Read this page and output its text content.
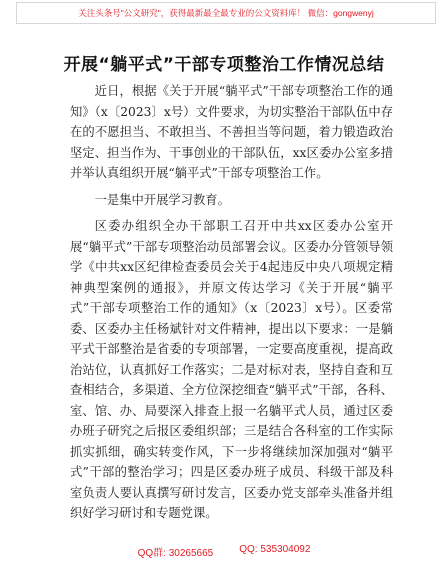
关注头条号"公文研究"，获得最新最全最专业的公文资料库！ 微信：gongwenyj
开展“躺平式”干部专项整治工作情况总结

近日，根据《关于开展“躺平式”干部专项整治工作的通知》（x〔2023〕x号）文件要求，为切实整治干部队伍中存在的不愿担当、不敢担当、不善担当等问题，着力锻造政治坚定、担当作为、干事创业的干部队伍，xx区委办公室多措并举认真组织开展“躺平式”干部专项整治工作。

一是集中开展学习教育。

区委办组织全办干部职工召开中共xx区委办公室开展“躺平式”干部专项整治动员部署会议。区委办分管领导领学《中共xx区纪律检查委员会关于4起违反中央八项规定精神典型案例的通报》，并原文传达学习《关于开展“躺平式”干部专项整治工作的通知》（x〔2023〕x号）。区委常委、区委办主任杨斌针对文件精神，提出以下要求：一是躺平式干部整治是省委的专项部署，一定要高度重视，提高政治站位，认真抓好工作落实；二是对标对表，坚持自查和互查相结合，多渠道、全方位深挖细查“躺平式”干部，各科、室、馆、办、局要深入排查上报一名躺平式人员，通过区委办班子研究之后报区委组织部；三是结合各科室的工作实际抓实抓细，确实转变作风，下一步将继续加深加强对“躺平式”干部的整治学习；四是区委办班子成员、科级干部及科室负责人要认真撰写研讨发言，区委办党支部牵头准备并组织好学习研讨和专题党课。

QQ群: 30265665	QQ: 535304092
